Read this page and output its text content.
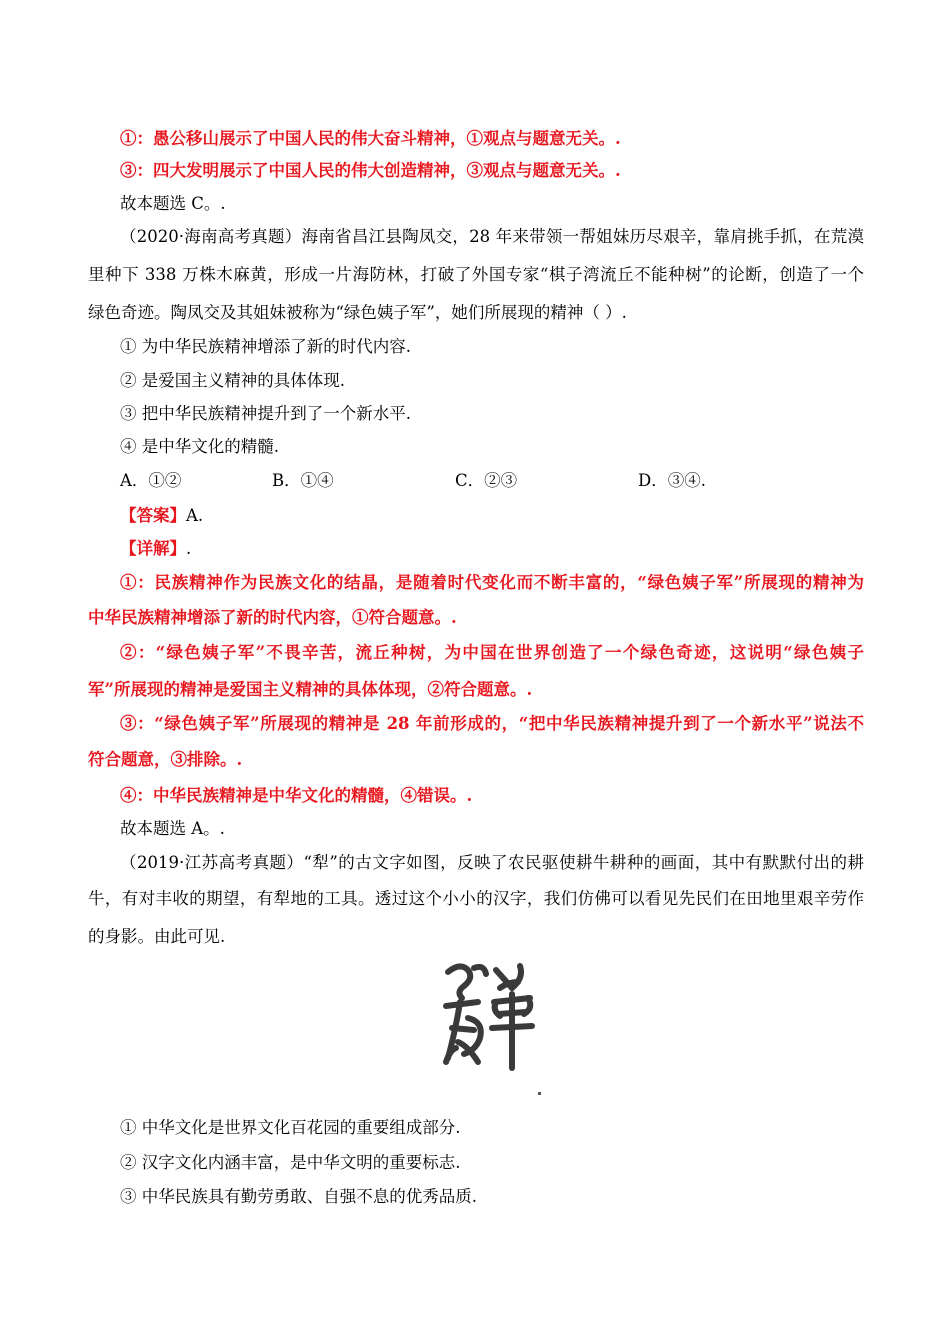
①：愚公移山展示了中国人民的伟大奋斗精神，①观点与题意无关。.
③：四大发明展示了中国人民的伟大创造精神，③观点与题意无关。.
故本题选 C。.
（2020·海南高考真题）海南省昌江县陶凤交，28 年来带领一帮姐妹历尽艰辛，靠肩挑手抓，在荒漠
里种下 338 万株木麻黄，形成一片海防林，打破了外国专家“棋子湾流丘不能种树”的论断，创造了一个
绿色奇迹。陶凤交及其姐妹被称为“绿色姨子军”，她们所展现的精神（ ）.
① 为中华民族精神增添了新的时代内容.
② 是爱国主义精神的具体体现.
③ 把中华民族精神提升到了一个新水平.
④ 是中华文化的精髓.
A．①②	B．①④	C．②③	D．③④.
【答案】A.
【详解】.
①：民族精神作为民族文化的结晶，是随着时代变化而不断丰富的，“绿色姨子军”所展现的精神为
中华民族精神增添了新的时代内容，①符合题意。.
②：“绿色姨子军”不畏辛苦，流丘种树，为中国在世界创造了一个绿色奇迹，这说明“绿色姨子
军”所展现的精神是爱国主义精神的具体体现，②符合题意。.
③：“绿色姨子军”所展现的精神是 28 年前形成的，“把中华民族精神提升到了一个新水平”说法不
符合题意，③排除。.
④：中华民族精神是中华文化的精髓，④错误。.
故本题选 A。.
（2019·江苏高考真题）“犁”的古文字如图，反映了农民驱使耕牛耕种的画面，其中有默默付出的耕
牛，有对丰收的期望，有犁地的工具。透过这个小小的汉字，我们仿佛可以看见先民们在田地里艰辛劳作
的身影。由此可见.
① 中华文化是世界文化百花园的重要组成部分.
② 汉字文化内涵丰富，是中华文明的重要标志.
③ 中华民族具有勤劳勇敢、自强不息的优秀品质.
